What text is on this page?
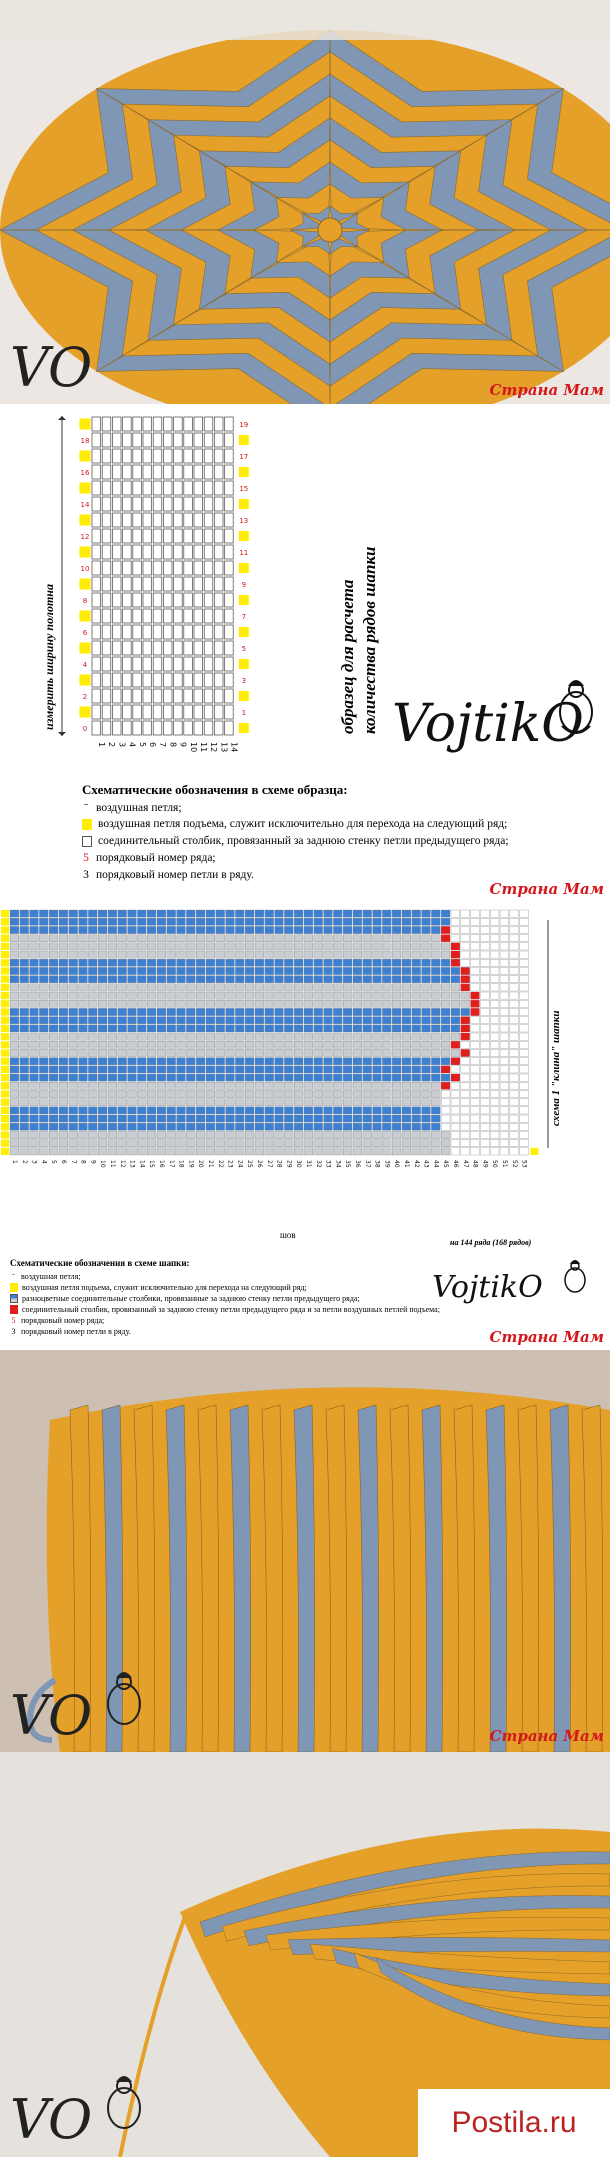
VO	Страна Мам
измерить ширину полотна	0
1
2
3
4
5
6
7
8
9
10
11
12
13
14
15
16
17
18
19
1 2 3 4 5 6 7 8 9 10 11 12 13 14
образец для расчета количества рядов шапки VojtikO
Схематические обозначения в схеме образца:
ˉ воздушная петля;
воздушная петля подъема, служит исключительно для перехода на следующий ряд;
соединительный столбик, провязанный за заднюю стенку петли предыдущего ряда;
5 порядковый номер ряда;
3 порядковый номер петли в ряду.
Страна Мам
1 2 3 4 5 6 7 8 9 10 11 12 13 14 15 16 17 18 19 20 21 22 23 24 25 26 27 28 29 30 31 32 33 34 35 36 37 38 39 40 41 42 43 44 45 46 47 48 49 50 51 52 53
схема 1 "клина" шапки
шов
на 144 ряда (168 рядов)
Схематические обозначения в схеме шапки:
ˉ воздушная петля;
воздушная петля подъема, служит исключительно для перехода на следующий ряд;
разноцветные соединительные столбики, провязанные за заднюю стенку петли предыдущего ряда;
соединительный столбик, провязанный за заднюю стенку петли предыдущего ряда и за петли воздушных петлей подъема;
5 порядковый номер ряда;
3 порядковый номер петли в ряду.
VojtikO
Страна Мам
VO	Страна Мам
VO	Postila.ru
Страна Мам
